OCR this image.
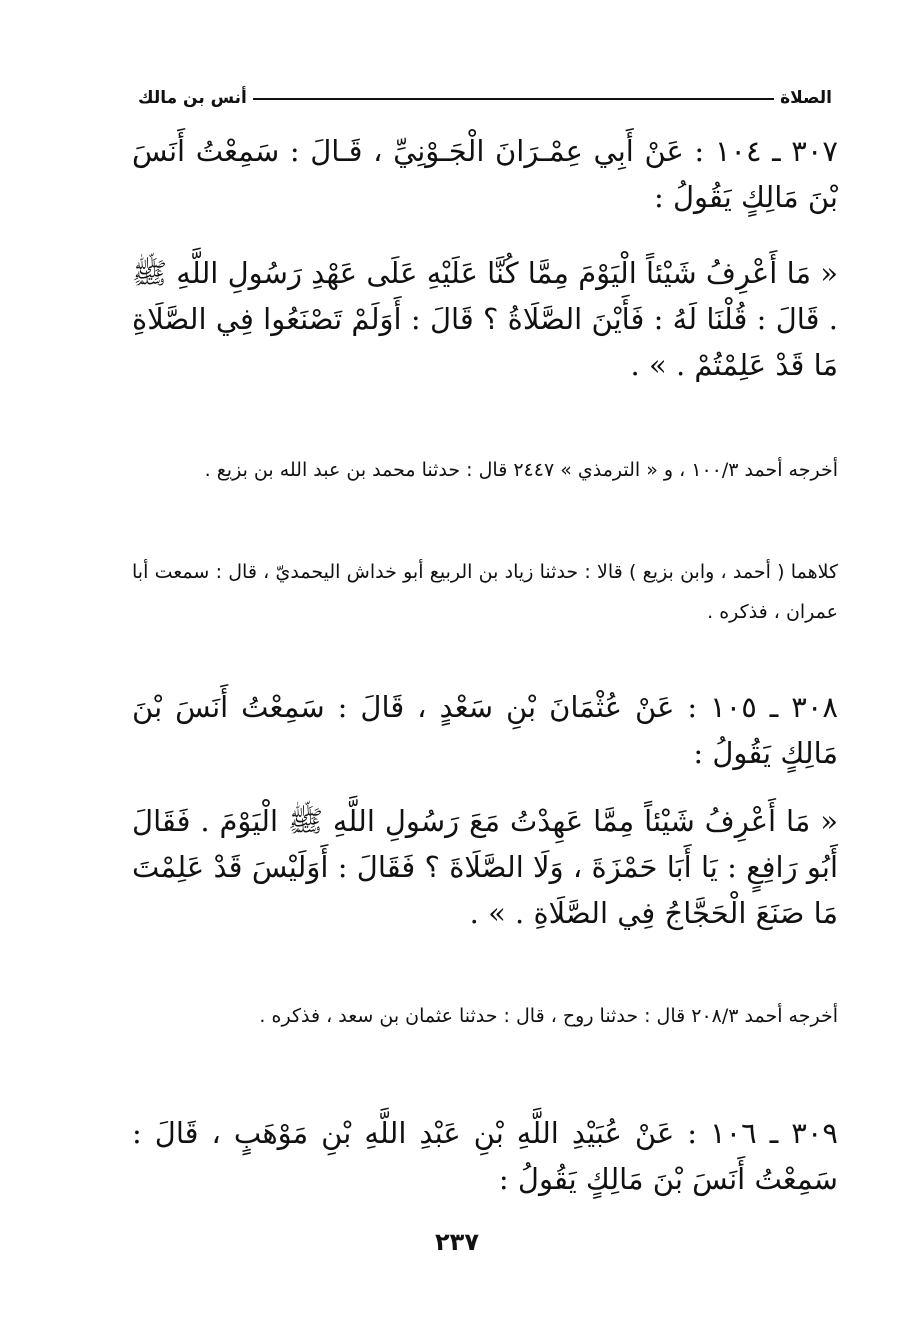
الصلاة
أنس بن مالك

٣٠٧ ـ ١٠٤ : عَنْ أَبِي عِمْـرَانَ الْجَـوْنِيِّ ، قَـالَ : سَمِعْتُ أَنَسَ بْنَ مَالِكٍ يَقُولُ :

« مَا أَعْرِفُ شَيْئاً الْيَوْمَ مِمَّا كُنَّا عَلَيْهِ عَلَى عَهْدِ رَسُولِ اللَّهِ ﷺ . قَالَ : قُلْنَا لَهُ : فَأَيْنَ الصَّلَاةُ ؟ قَالَ : أَوَلَمْ تَصْنَعُوا فِي الصَّلَاةِ مَا قَدْ عَلِمْتُمْ . » .

أخرجه أحمد ١٠٠/٣ ، و « الترمذي » ٢٤٤٧ قال : حدثنا محمد بن عبد الله بن بزيع .

كلاهما ( أحمد ، وابن بزيع ) قالا : حدثنا زياد بن الربيع أبو خداش اليحمديّ ، قال : سمعت أبا عمران ، فذكره .

٣٠٨ ـ ١٠٥ : عَنْ عُثْمَانَ بْنِ سَعْدٍ ، قَالَ : سَمِعْتُ أَنَسَ بْنَ مَالِكٍ يَقُولُ :

« مَا أَعْرِفُ شَيْئاً مِمَّا عَهِدْتُ مَعَ رَسُولِ اللَّهِ ﷺ الْيَوْمَ . فَقَالَ أَبُو رَافِعٍ : يَا أَبَا حَمْزَةَ ، وَلَا الصَّلَاةَ ؟ فَقَالَ : أَوَلَيْسَ قَدْ عَلِمْتَ مَا صَنَعَ الْحَجَّاجُ فِي الصَّلَاةِ . » .

أخرجه أحمد ٢٠٨/٣ قال : حدثنا روح ، قال : حدثنا عثمان بن سعد ، فذكره .

٣٠٩ ـ ١٠٦ : عَنْ عُبَيْدِ اللَّهِ بْنِ عَبْدِ اللَّهِ بْنِ مَوْهَبٍ ، قَالَ : سَمِعْتُ أَنَسَ بْنَ مَالِكٍ يَقُولُ :

٢٣٧
